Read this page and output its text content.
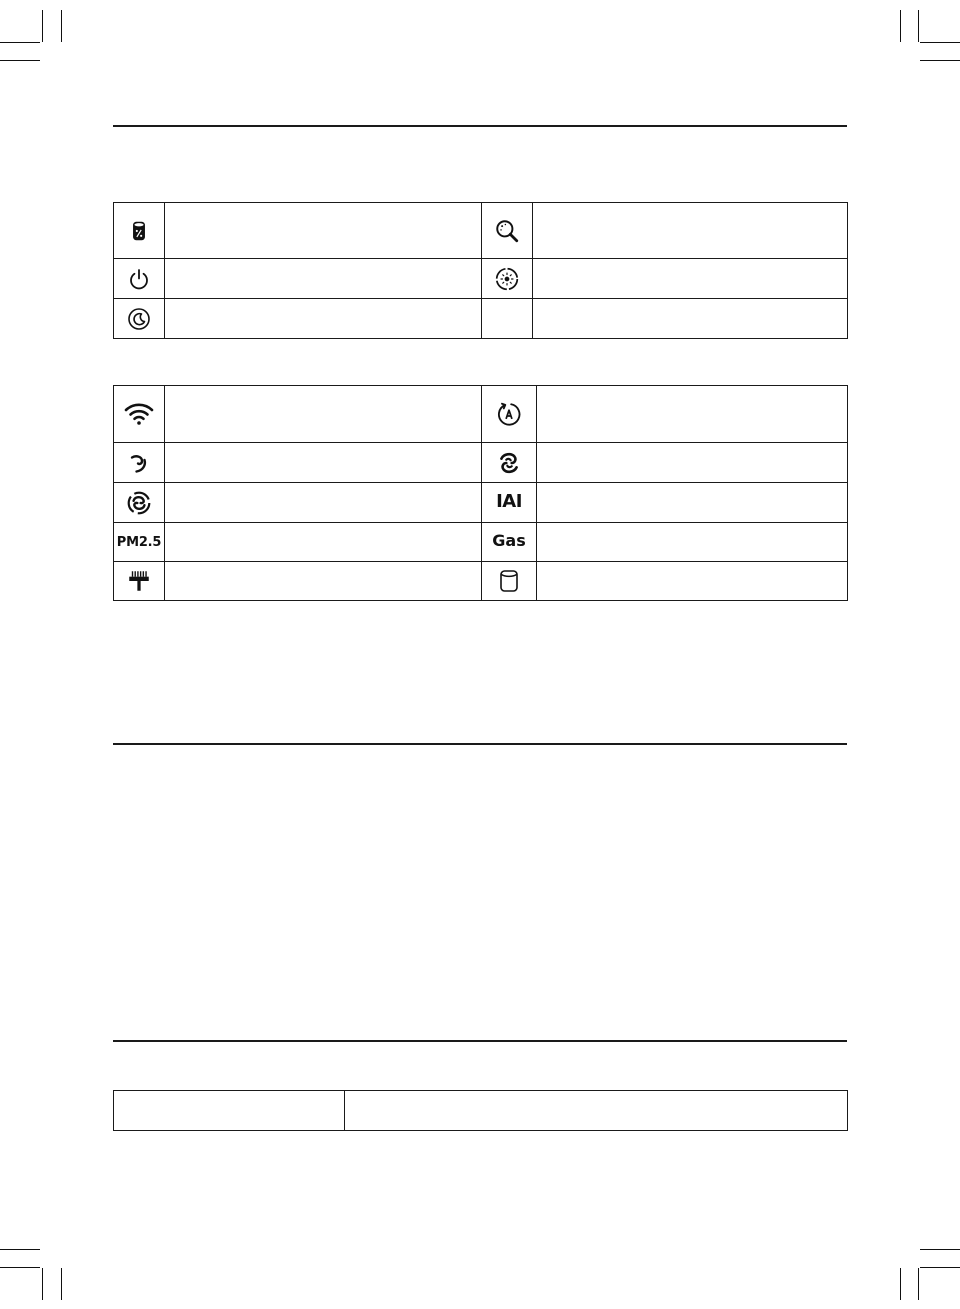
		IAI	
PM2.5		Gas	
